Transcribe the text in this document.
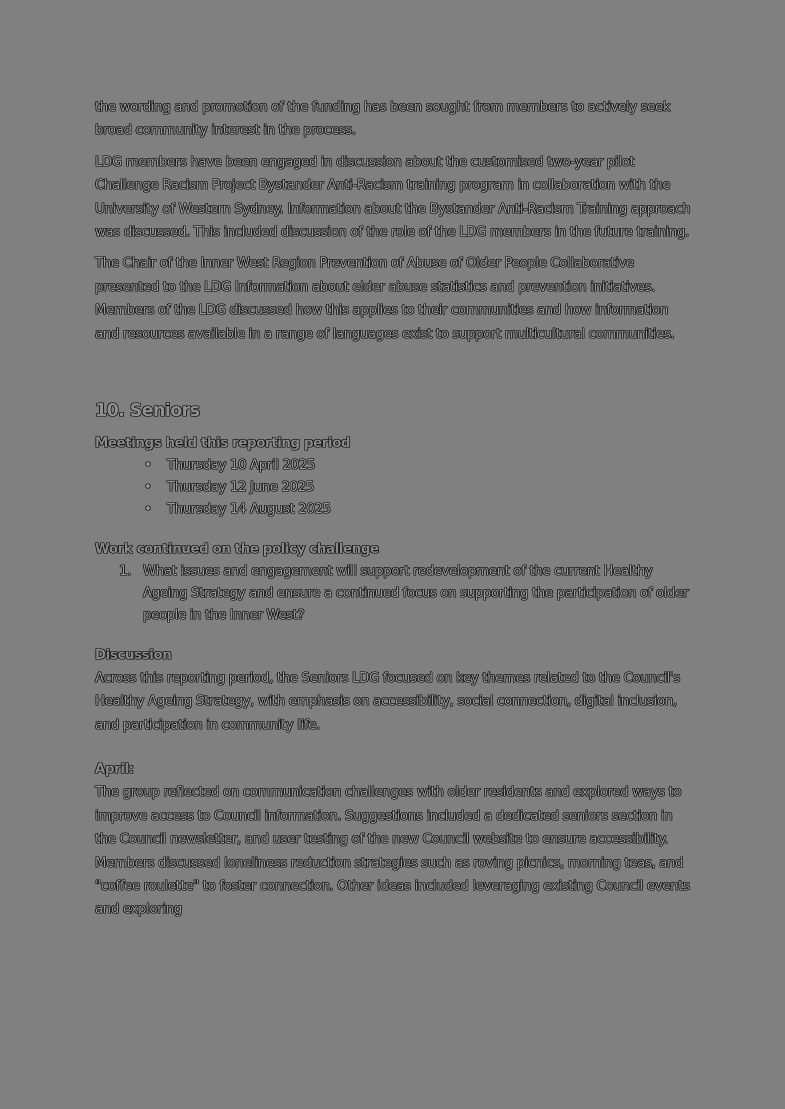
the wording and promotion of the funding has been sought from members to actively seek broad community interest in the process.

LDG members have been engaged in discussion about the customised two-year pilot Challenge Racism Project Bystander Anti-Racism training program in collaboration with the University of Western Sydney. Information about the Bystander Anti-Racism Training approach was discussed. This included discussion of the role of the LDG members in the future training.

The Chair of the Inner West Region Prevention of Abuse of Older People Collaborative presented to the LDG Information about elder abuse statistics and prevention initiatives. Members of the LDG discussed how this applies to their communities and how information and resources available in a range of languages exist to support multicultural communities.

10. Seniors

Meetings held this reporting period

• Thursday 10 April 2025
• Thursday 12 June 2025
• Thursday 14 August 2025

Work continued on the policy challenge

1. What issues and engagement will support redevelopment of the current Healthy Ageing Strategy and ensure a continued focus on supporting the participation of older people in the Inner West?

Discussion

Across this reporting period, the Seniors LDG focused on key themes related to the Council's Healthy Ageing Strategy, with emphasis on accessibility, social connection, digital inclusion, and participation in community life.

April:

The group reflected on communication challenges with older residents and explored ways to improve access to Council information. Suggestions included a dedicated seniors section in the Council newsletter, and user testing of the new Council website to ensure accessibility. Members discussed loneliness reduction strategies such as roving picnics, morning teas, and "coffee roulette" to foster connection. Other ideas included leveraging existing Council events and exploring
